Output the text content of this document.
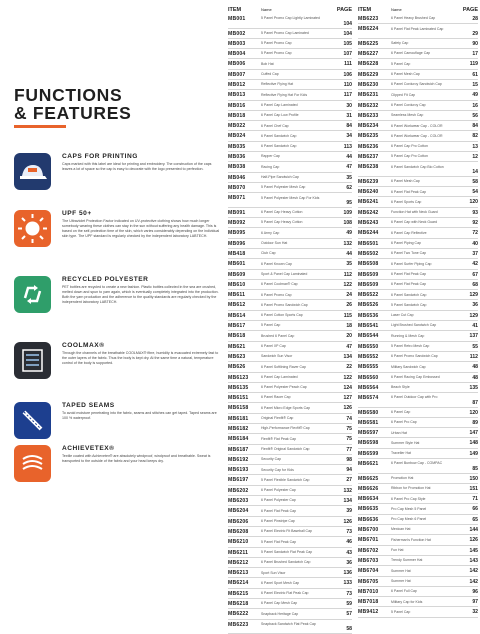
FUNCTIONS
& FEATURES
CAPS FOR PRINTING

Caps marked with this label are ideal for printing and embroidery. The construction of the caps leaves a lot of space so the cap is easy to decorate with the logo presented to perfection.

UPF 50+

The Ultraviolet Protection Factor indicated on UV-protective clothing shows how much longer somebody wearing these clothes can stay in the sun without suffering any health damage. This is based on the self-protection time of the skin, which varies considerably depending on the individual skin type. The UPF standard is regularly checked by the independent laboratory LABTECH.

RECYCLED POLYESTER

PET bottles are recycled to create a new fashion. Plastic bottles collected in the sea are crushed, melted down and spun to yarn again, which is eventually completely integrated into the production. Both the yarn production and the adherence to the quality standards are regularly checked by the independent laboratory LABTECH.

COOLMAX®

Through the channels of the breathable COOLMAX® fibre, humidity is evacuated extremely fast to the outer layers of the fabric. Thus the body is kept dry. At the same time a natural, temperature control of the body is supported.

TAPED SEAMS

To avoid moisture penetrating into the fabric, seams and stitches can get taped. Taped seams are 100 % waterproof.

ACHIEVETEX®

Textile coated with Achievetex® are absolutely windproof, windproof and breathable. Sweat is transported to the outside of the fabric and your head keeps dry.

ITEM	Name	PAGE
MB001	5 Panel Promo Cap Lightly Laminated
104
MB002	5 Panel Promo Cap Laminated	104
MB003	5 Panel Promo Cap	105
MB004	5 Panel Promo Cap	107
MB006	Bob Hat	111
MB007	Cuffed Cap	106
MB012	Reflective Flying Hat	110
MB013	Reflective Flying Hat For Kids	117
MB016	6 Panel Cap Laminated	30
MB018	6 Panel Cap Low Profile	31
MB022	6 Panel Chef Cap	84
MB024	6 Panel Sandwich Cap	34
MB035	6 Panel Sandwich Cap	113
MB036	Rapper Cap	44
MB038	Racing Cap	47
MB046	Half-Pipe Sandwich Cap	35
MB070	5 Panel Polyester Mesh Cap	62
MB071	5 Panel Polyester Mesh Cap For Kids
95
MB091	6 Panel Cap Heavy Cotton	109
MB092	5 Panel Cap Heavy Cotton	108
MB095	6 Army Cap	49
MB096	Outdoor Sun Hat	132
MB418	Club Cap	44
MB601	6 Panel Known Cap	35
MB609	Sport & Panel Cap Laminated	112
MB610	6 Panel Coolmax® Cap	122
MB611	6 Panel Promo Cap	24
MB612	6 Panel Promo Sandwich Cap	26
MB614	6 Panel Cotton Sports Cap	115
MB617	5 Panel Cap	18
MB618	Brushed 6 Panel Cap	20
MB621	6 Panel XP Cap	47
MB623	Sandwich Sun Visor	134
MB626	6 Panel Softlining Raver Cap	22
MB6123	6 Panel Cap Laminated	122
MB6135	6 Panel Polyester Peach Cap	124
MB6151	6 Panel Racer Cap	127
MB6158	6 Panel Micro Edge Sports Cap	126
MB6181	Original Flexfit® Cap	74
MB6182	High-Performance Flexfit® Cap	75
MB6184	Flexfit® Flat Peak Cap	75
MB6187	Flexfit® Original Sandwich Cap	77
MB6192	Security Cap	98
MB6193	Security Cap for Kids	94
MB6197	5 Panel Flexible Sandwich Cap	27
MB6202	6 Panel Polyester Cap	132
MB6203	6 Panel Polyester Cap	134
MB6204	6 Panel Flat Peak Cap	39
MB6206	6 Panel Pinstripe Cap	126
MB6208	6 Panel Electric Fit Baseball Cap	73
MB6210	5 Panel Flat Peak Cap	46
MB6211	5 Panel Sandwich Flat Peak Cap	43
MB6212	6 Panel Brushed Sandwich Cap	36
MB6213	Sport Sun Visor	136
MB6214	6 Panel Sport Mesh Cap	133
MB6215	6 Panel Electric Flat Peak Cap	73
MB6218	6 Panel Cap Mesh Cap	59
MB6222	Snapback Heritage Cap	57
MB6223	Snapback Sandwich Flat Peak Cap
58
ITEM	Name	PAGE
MB6223	6 Panel Heavy Brushed Cap	28
MB6224	6 Panel Flat Peak Laminated Cap
29
MB6225	Safety Cap	90
MB6227	6 Panel Camouflage Cap	17
MB6228	5 Panel Cap	119
MB6229	6 Panel Mesh Cap	61
MB6230	6 Panel Corduroy Sandwich Cap	15
MB6231	Clipped Fit Cap	49
MB6232	6 Panel Corduroy Cap	16
MB6233	Seamless Mesh Cap	56
MB6234	6 Panel Workwear Cap - COLOR	84
MB6235	6 Panel Workwear Cap - COLOR	82
MB6236	6 Panel Cap Pro Cotton	13
MB6237	5 Panel Cap Pro Cotton	12
MB6238	6 Panel Sandwich Cap Bio Cotton
14
MB6239	6 Panel Mesh Cap	58
MB6240	6 Panel Flat Peak Cap	54
MB6241	6 Panel Sports Cap	120
MB6242	Function Hat with Neck Guard	93
MB6243	6 Panel Cap with Neck Guard	92
MB6244	6 Panel Cap Reflective	72
MB6501	6 Panel Piping Cap	40
MB6502	6 Panel Two Tone Cap	37
MB6508	6 Panel Surfer Piping Cap	42
MB6509	6 Panel Flat Peak Cap	67
MB6509	6 Panel Flat Peak Cap	68
MB6522	6 Panel Sandwich Cap	129
MB6526	5 Panel Sandwich Cap	36
MB6536	Laser Cut Cap	129
MB6541	Light Brushed Sandwich Cap	41
MB6544	Running & Mesh Cap	137
MB6550	5 Panel Retro Mesh Cap	55
MB6552	6 Panel Promo Sandwich Cap	112
MB6555	Military Sandwich Cap	48
MB6560	6 Panel Racing Cap Embossed	48
MB6564	Beach Style	135
MB6574	6 Panel Outdoor Cap with Pro
87
MB6580	6 Panel Cap	120
MB6581	6 Panel Pro Cap	89
MB6597	Urban Hat	147
MB6598	Summer Style Hat	148
MB6599	Traveller Hat	149
MB6621	6 Panel Bunbow Cap - COMPAC
85
MB6625	Promotion Hat	150
MB6626	Ribbon for Promotion Hat	151
MB6634	6 Panel Pro Cap Style	71
MB6635	Pro Cap Mesh 5 Panel	66
MB6636	Pro Cap Mesh 6 Panel	65
MB6700	Mexican Hat	144
MB6701	Fisherman's Function Hat	126
MB6702	Fun Hat	145
MB6703	Trendy Summer Hat	143
MB6704	Summer Hat	142
MB6705	Summer Hat	142
MB7010	6 Panel Full Cap	96
MB7018	Military Cap for Kids	97
MB9412	5 Panel Cap	32
